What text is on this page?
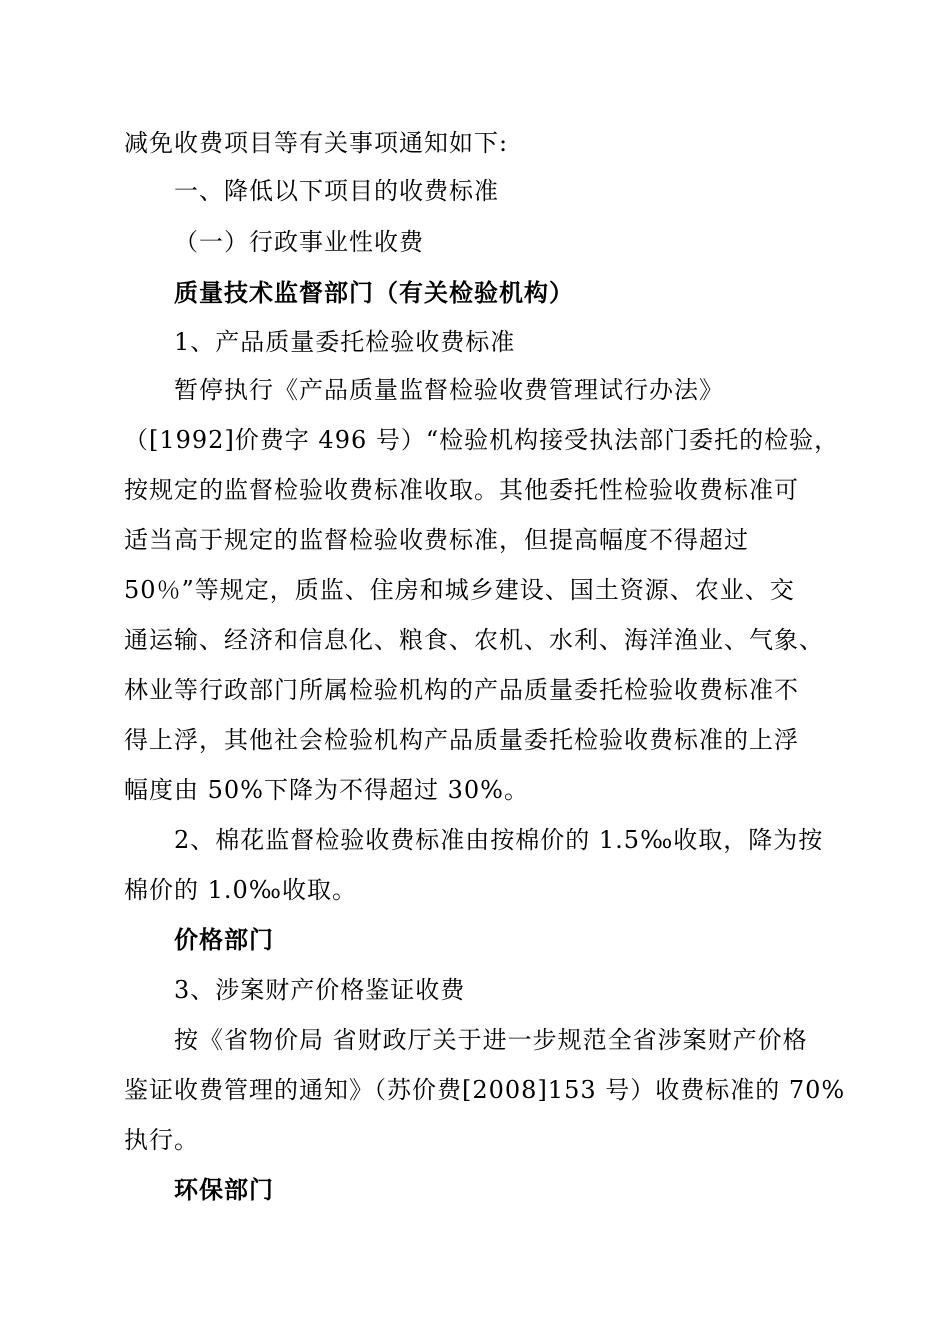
减免收费项目等有关事项通知如下:
一、降低以下项目的收费标准
（一）行政事业性收费
质量技术监督部门（有关检验机构）
1、产品质量委托检验收费标准
暂停执行《产品质量监督检验收费管理试行办法》
（[1992]价费字 496 号）“检验机构接受执法部门委托的检验，
按规定的监督检验收费标准收取。其他委托性检验收费标准可
适当高于规定的监督检验收费标准，但提高幅度不得超过
50％”等规定，质监、住房和城乡建设、国土资源、农业、交
通运输、经济和信息化、粮食、农机、水利、海洋渔业、气象、
林业等行政部门所属检验机构的产品质量委托检验收费标准不
得上浮，其他社会检验机构产品质量委托检验收费标准的上浮
幅度由 50%下降为不得超过 30%。
2、棉花监督检验收费标准由按棉价的 1.5‰收取，降为按
棉价的 1.0‰收取。
价格部门
3、涉案财产价格鉴证收费
按《省物价局 省财政厅关于进一步规范全省涉案财产价格
鉴证收费管理的通知》（苏价费[2008]153 号）收费标准的 70%
执行。
环保部门
